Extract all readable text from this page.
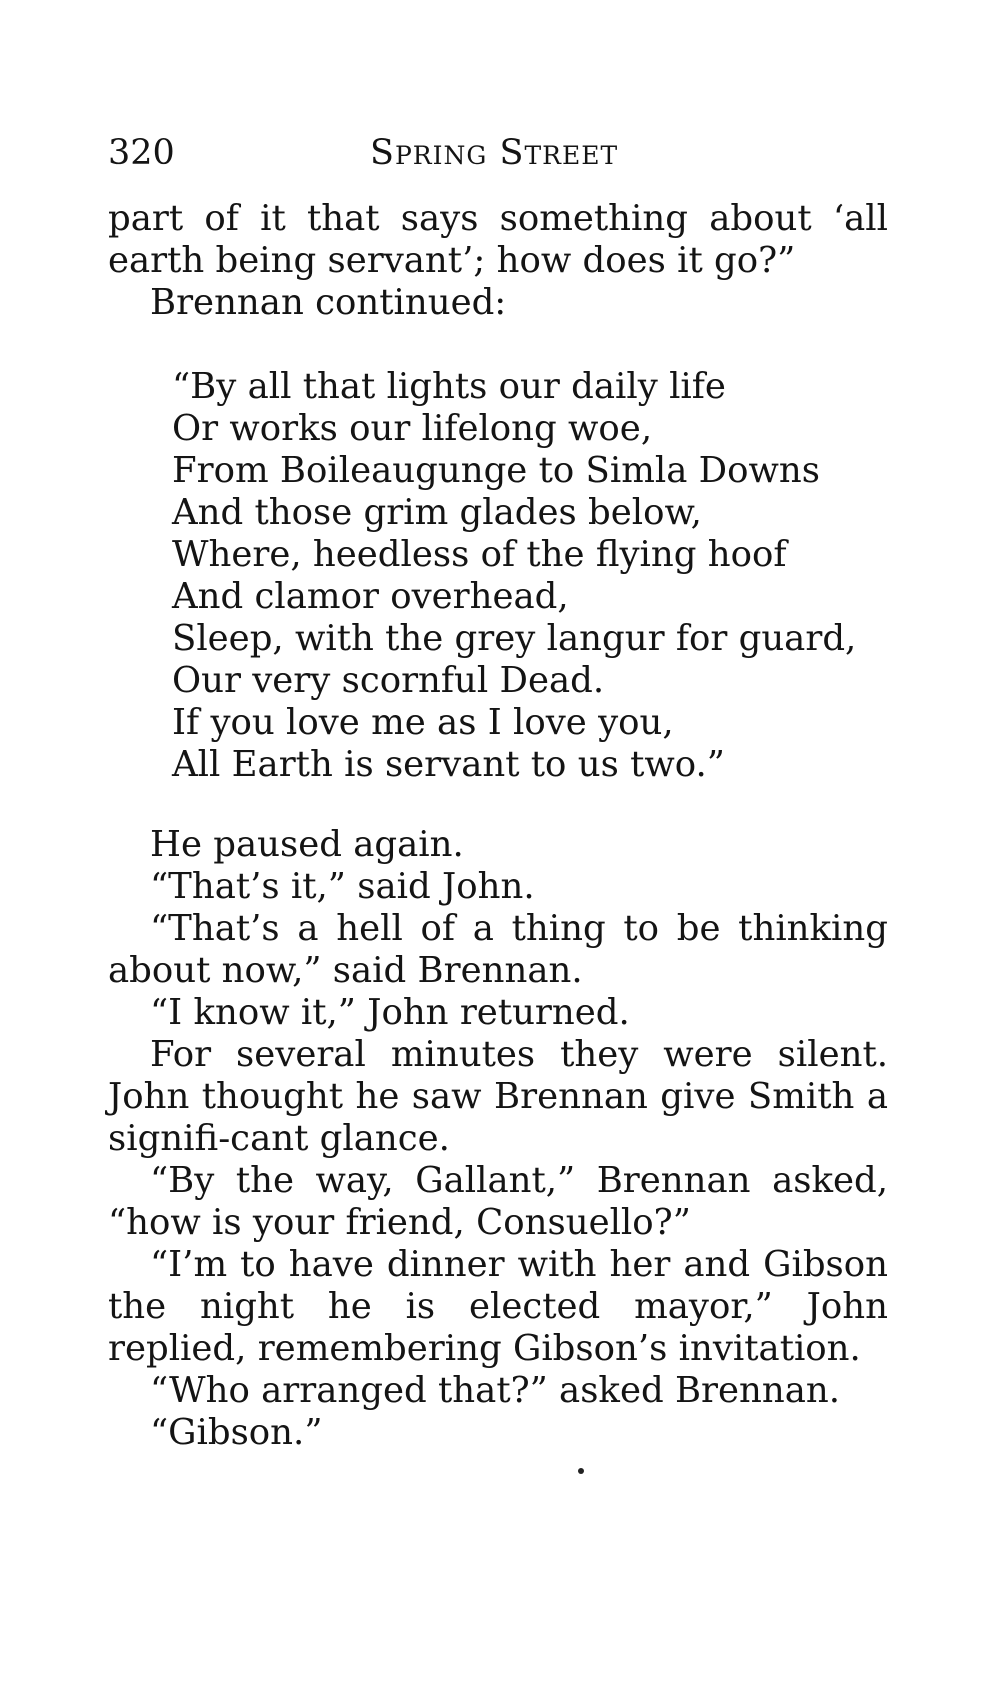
320	Spring Street

part of it that says something about ‘all earth being servant’; how does it go?”

Brennan continued:

“By all that lights our daily life
Or works our lifelong woe,
From Boileaugunge to Simla Downs
And those grim glades below,
Where, heedless of the flying hoof
And clamor overhead,
Sleep, with the grey langur for guard,
Our very scornful Dead.
If you love me as I love you,
All Earth is servant to us two.”

He paused again.

“That’s it,” said John.

“That’s a hell of a thing to be thinking about now,” said Brennan.

“I know it,” John returned.

For several minutes they were silent. John thought he saw Brennan give Smith a signifi-cant glance.

“By the way, Gallant,” Brennan asked, “how is your friend, Consuello?”

“I’m to have dinner with her and Gibson the night he is elected mayor,” John replied, remembering Gibson’s invitation.

“Who arranged that?” asked Brennan.

“Gibson.”
